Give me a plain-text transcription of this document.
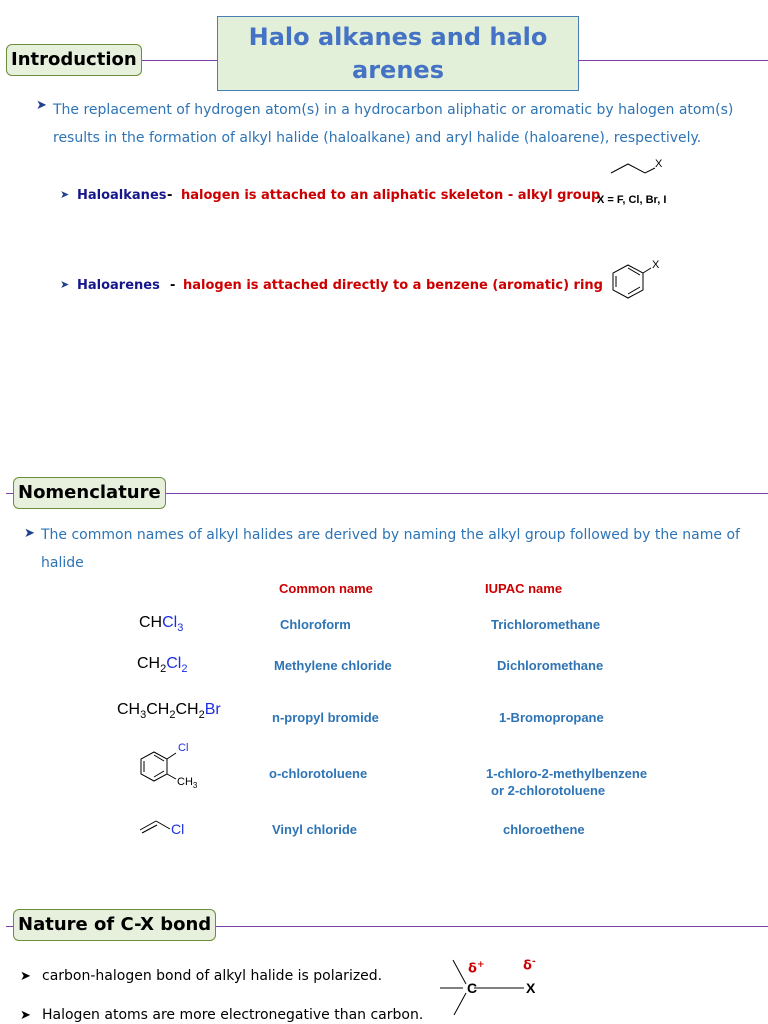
Halo alkanes and halo arenes
Introduction
➤ The replacement of hydrogen atom(s) in a hydrocarbon aliphatic or aromatic by halogen atom(s)
results in the formation of alkyl halide (haloalkane) and aryl halide (haloarene), respectively.
➤ Haloalkanes - halogen is attached to an aliphatic skeleton - alkyl group
X
X = F, Cl, Br, I
➤ Haloarenes - halogen is attached directly to a benzene (aromatic) ring
X
Nomenclature
➤ The common names of alkyl halides are derived by naming the alkyl group followed by the name of halide
Common name	IUPAC name
CHCl$_3$	Chloroform	Trichloromethane
$CH_2Cl_2$	Methylene chloride	Dichloromethane
$CH_3CH_2CH_2Br$	n-propyl bromide	1-Bromopropane
Cl
$CH_3$
o-chlorotoluene	1-chloro-2-methylbenzene
or 2-chlorotoluene
Cl	Vinyl chloride	chloroethene
Nature of C-X bond
➤ carbon-halogen bond of alkyl halide is polarized.
➤ Halogen atoms are more electronegative than carbon.
C	X
δ+	δ-
